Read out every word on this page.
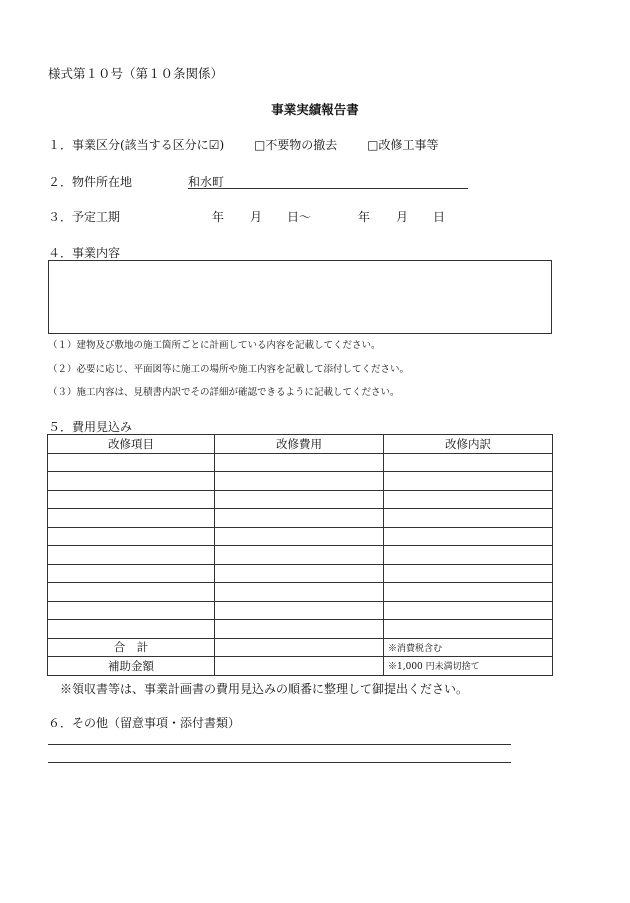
様式第１０号（第１０条関係）
事業実績報告書
１．事業区分(該当する区分に☑) □不要物の撤去 □改修工事等
２．物件所在地	和水町
３．予定工期	年 月 日～	年 月 日
４．事業内容
（１）建物及び敷地の施工箇所ごとに計画している内容を記載してください。
（２）必要に応じ、平面図等に施工の場所や施工内容を記載して添付してください。
（３）施工内容は、見積書内訳でその詳細が確認できるように記載してください。
５．費用見込み
改修項目	改修費用	改修内訳

合　計		※消費税含む
補助金額		※1,000 円未満切捨て
※領収書等は、事業計画書の費用見込みの順番に整理して御提出ください。
６．その他（留意事項・添付書類）
